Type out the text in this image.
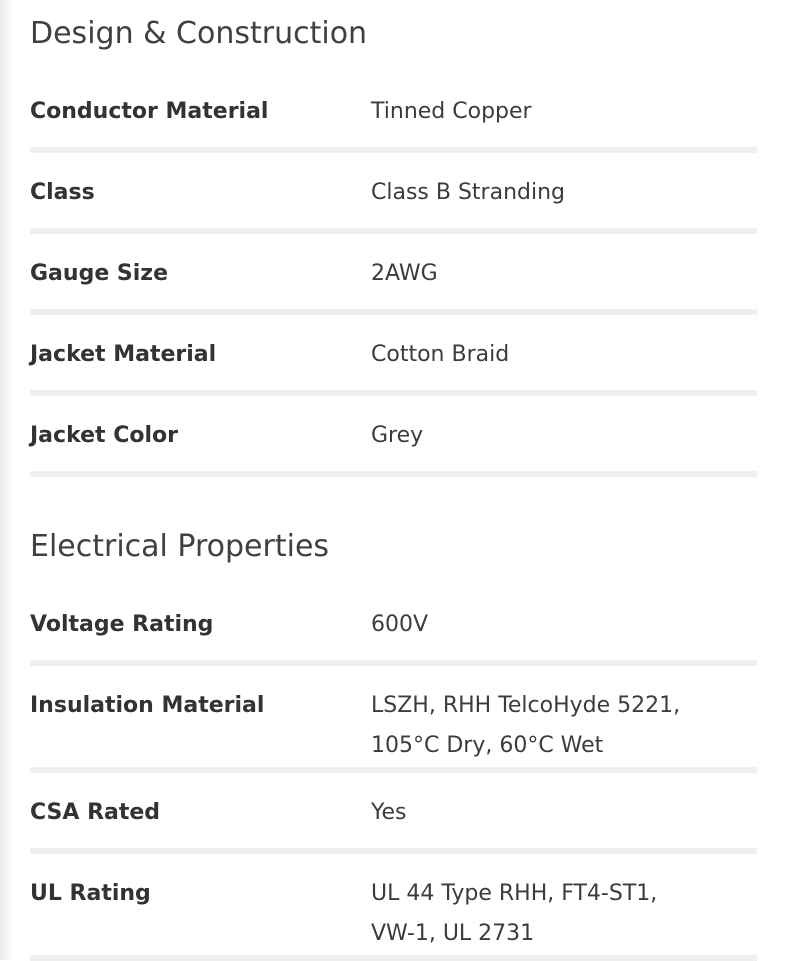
Design & Construction
Conductor Material	Tinned Copper
Class	Class B Stranding
Gauge Size	2AWG
Jacket Material	Cotton Braid
Jacket Color	Grey
Electrical Properties
Voltage Rating	600V
Insulation Material	LSZH, RHH TelcoHyde 5221,
105°C Dry, 60°C Wet
CSA Rated	Yes
UL Rating	UL 44 Type RHH, FT4-ST1,
VW-1, UL 2731
